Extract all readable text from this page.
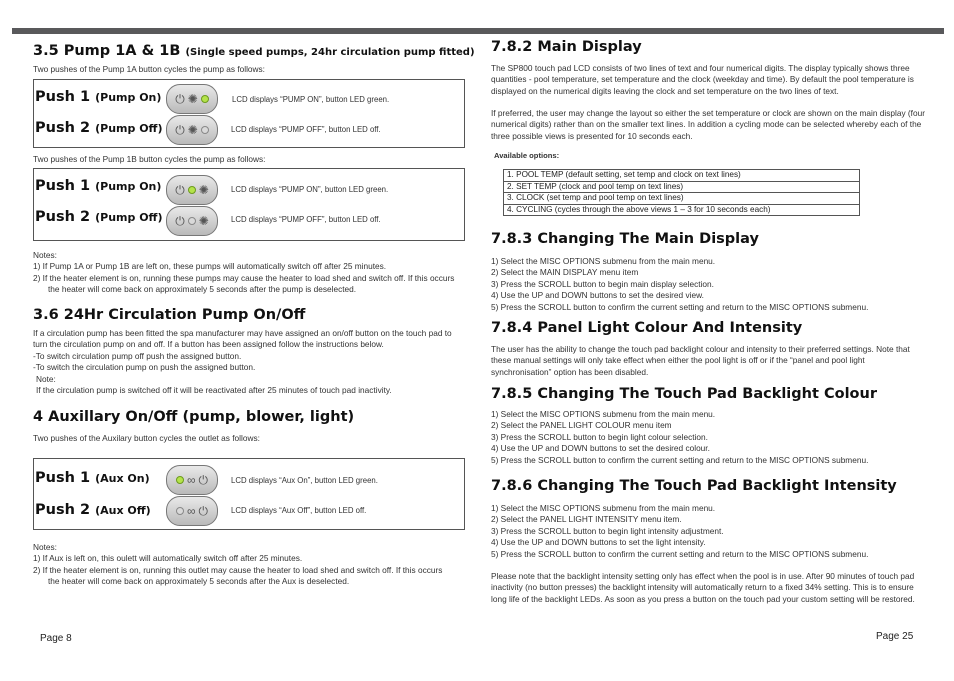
3.5 Pump 1A & 1B (Single speed pumps, 24hr circulation pump fitted)
Two pushes of the Pump 1A button cycles the pump as follows:
Push 1 (Pump On) ⏻ ✺	LCD displays “PUMP ON”, button LED green.
Push 2 (Pump Off) ⏻ ✺	LCD displays “PUMP OFF”, button LED off.
Two pushes of the Pump 1B button cycles the pump as follows:
Push 1 (Pump On) ⏻ ✺	LCD displays “PUMP ON”, button LED green.
Push 2 (Pump Off) ⏻ ✺	LCD displays “PUMP OFF”, button LED off.
Notes:
1) If Pump 1A or Pump 1B are left on, these pumps will automatically switch off after 25 minutes.
2) If the heater element is on, running these pumps may cause the heater to load shed and switch off. If this occurs
the heater will come back on approximately 5 seconds after the pump is deselected.
3.6 24Hr Circulation Pump On/Off
If a circulation pump has been fitted the spa manufacturer may have assigned an on/off button on the touch pad to
turn the circulation pump on and off. If a button has been assigned follow the instructions below.
-To switch circulation pump off push the assigned button.
-To switch the circulation pump on push the assigned button.
Note:
If the circulation pump is switched off it will be reactivated after 25 minutes of touch pad inactivity.
4 Auxillary On/Off (pump, blower, light)
Two pushes of the Auxilary button cycles the outlet as follows:
Push 1 (Aux On)	∞ ⏻	LCD displays “Aux On”, button LED green.
Push 2 (Aux Off)	∞ ⏻	LCD displays “Aux Off”, button LED off.
Notes:
1) If Aux is left on, this oulett will automatically switch off after 25 minutes.
2) If the heater element is on, running this outlet may cause the heater to load shed and switch off. If this occurs
the heater will come back on approximately 5 seconds after the Aux is deselected.
Page 8
7.8.2 Main Display
The SP800 touch pad LCD consists of two lines of text and four numerical digits. The display typically shows three
quantities - pool temperature, set temperature and the clock (weekday and time). By default the pool temperature is
displayed on the numerical digits leaving the clock and set temperature on the two lines of text.
If preferred, the user may change the layout so either the set temperature or clock are shown on the main display (four
numerical digits) rather than on the smaller text lines. In addition a cycling mode can be selected whereby each of the
three possible views is presented for 10 seconds each.
Available options:
1. POOL TEMP (default setting, set temp and clock on text lines)
2. SET TEMP (clock and pool temp on text lines)
3. CLOCK (set temp and pool temp on text lines)
4. CYCLING (cycles through the above views 1 – 3 for 10 seconds each)
7.8.3 Changing The Main Display
1) Select the MISC OPTIONS submenu from the main menu.
2) Select the MAIN DISPLAY menu item
3) Press the SCROLL button to begin main display selection.
4) Use the UP and DOWN buttons to set the desired view.
5) Press the SCROLL button to confirm the current setting and return to the MISC OPTIONS submenu.
7.8.4 Panel Light Colour And Intensity
The user has the ability to change the touch pad backlight colour and intensity to their preferred settings. Note that
these manual settings will only take effect when either the pool light is off or if the “panel and pool light
synchronisation” option has been disabled.
7.8.5 Changing The Touch Pad Backlight Colour
1) Select the MISC OPTIONS submenu from the main menu.
2) Select the PANEL LIGHT COLOUR menu item
3) Press the SCROLL button to begin light colour selection.
4) Use the UP and DOWN buttons to set the desired colour.
5) Press the SCROLL button to confirm the current setting and return to the MISC OPTIONS submenu.
7.8.6 Changing The Touch Pad Backlight Intensity
1) Select the MISC OPTIONS submenu from the main menu.
2) Select the PANEL LIGHT INTENSITY menu item.
3) Press the SCROLL button to begin light intensity adjustment.
4) Use the UP and DOWN buttons to set the light intensity.
5) Press the SCROLL button to confirm the current setting and return to the MISC OPTIONS submenu.
Please note that the backlight intensity setting only has effect when the pool is in use. After 90 minutes of touch pad
inactivity (no button presses) the backlight intensity will automatically return to a fixed 34% setting. This is to ensure
long life of the backlight LEDs. As soon as you press a button on the touch pad your custom setting will be restored.
Page 25
